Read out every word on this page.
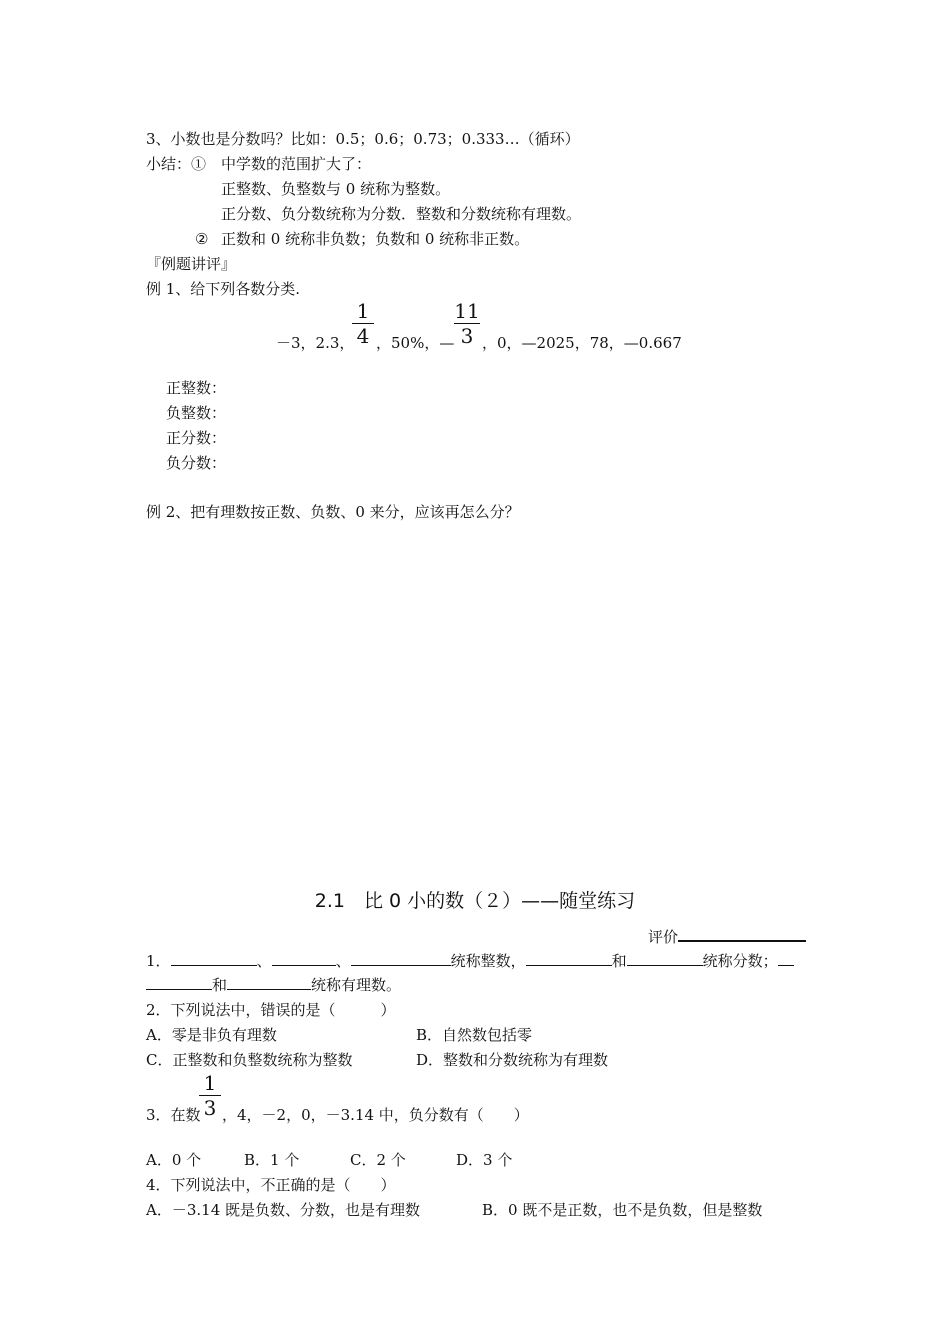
3、小数也是分数吗？比如：0.5；0.6；0.73；0.333…（循环）
小结：① 中学数的范围扩大了：
正整数、负整数与 0 统称为整数。
正分数、负分数统称为分数．整数和分数统称有理数。
② 正数和 0 统称非负数；负数和 0 统称非正数。
『例题讲评』
例 1、给下列各数分类.
－3，2.3，
1
4 ，50%，—
11
3 ，0，—2025，78，—0.667
正整数：
负整数：
正分数：
负分数：
例 2、把有理数按正数、负数、0 来分，应该再怎么分？
2.1　比 0 小的数（２）——随堂练习
评价
1．	、	、	统称整数，	和	统称分数；
和	统称有理数。
2．下列说法中，错误的是（　　　）
A．零是非负有理数	B．自然数包括零
C．正整数和负整数统称为整数	D．整数和分数统称为有理数
3．在数
1
3 ，4，－2，0，－3.14 中，负分数有（　　）
A．0 个	B．1 个	C．2 个	D．3 个
4．下列说法中，不正确的是（　　）
A．－3.14 既是负数、分数，也是有理数	B．0 既不是正数，也不是负数，但是整数
